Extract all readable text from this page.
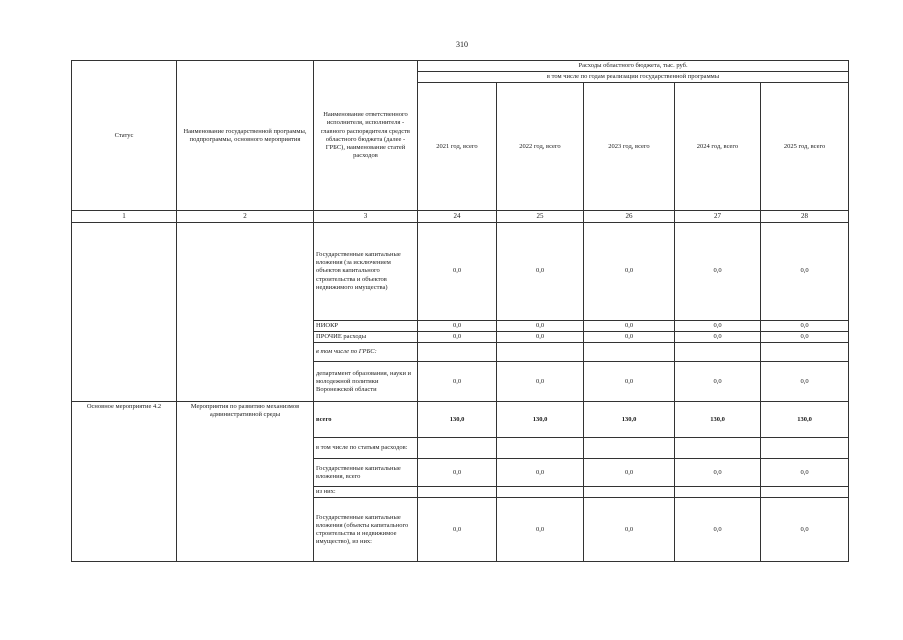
310
Статус	Наименование государственной программы, подпрограммы, основного мероприятия	Наименование ответственного исполнителя, исполнителя - главного распорядителя средств областного бюджета (далее - ГРБС), наименование статей расходов	Расходы областного бюджета, тыс. руб.				
			в том числе по годам реализации государственной программы				
			2021 год, всего	2022 год, всего	2023 год, всего	2024 год, всего	2025 год, всего
1	2	3	24	25	26	27	28
		Государственные капитальные вложения (за исключением объектов капитального строительства и объектов недвижимого имущества)	0,0	0,0	0,0	0,0	0,0
		НИОКР	0,0	0,0	0,0	0,0	0,0
		ПРОЧИЕ расходы	0,0	0,0	0,0	0,0	0,0
		в том числе по ГРБС:					
		департамент образования, науки и молодежной политики Воронежской области	0,0	0,0	0,0	0,0	0,0
Основное мероприятие 4.2	Мероприятия по развитию механизмов административной среды	всего	130,0	130,0	130,0	130,0	130,0
		в том числе по статьям расходов:					
		Государственные капитальные вложения, всего	0,0	0,0	0,0	0,0	0,0
		из них:					
		Государственные капитальные вложения (объекты капитального строительства и недвижимое имущество), из них:	0,0	0,0	0,0	0,0	0,0
